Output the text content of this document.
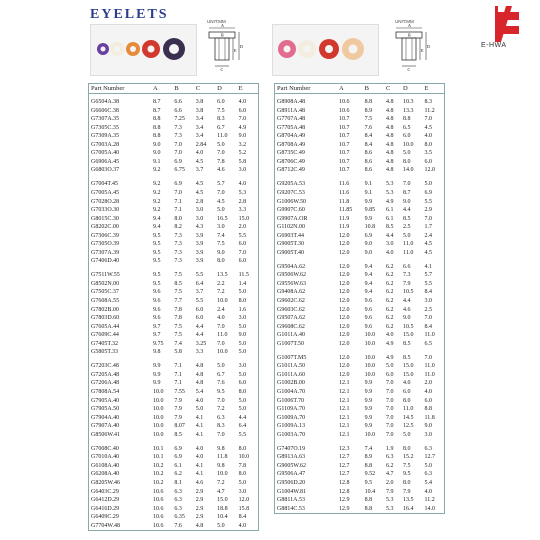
EYELETS
E-HWA
UNIT:MM
A
B
C
D
E
UNIT:MM
A
B
C
D
E
Part Number	A	B	C	D	E

G6504A.38	8.7	6.6	3.8	6.0	4.0
G6606C.38	8.7	6.6	3.8	7.5	6.0
G7307A.35	8.8	7.25	3.4	8.3	7.0
G7305C.35	8.8	7.3	3.4	6.7	4.9
G7309A.35	8.8	7.3	3.4	11.0	9.0
G7003A.28	9.0	7.0	2.84	5.0	3.2
G7005A.40	9.0	7.0	4.0	7.0	5.2
G6906A.45	9.1	6.9	4.5	7.8	5.8
G6803O.37	9.2	6.75	3.7	4.6	3.0

G7004T.45	9.2	6.9	4.5	5.7	4.0
G7005A.45	9.2	7.0	4.5	7.0	5.3
G7028O.28	9.2	7.1	2.8	4.5	2.8
G7033O.30	9.2	7.1	3.0	5.0	3.3
G8015C.30	9.4	8.0	3.0	16.5	15.0
G8202C.00	9.4	8.2	4.3	3.0	2.0
G7306C.39	9.5	7.3	3.9	7.4	5.5
G7305O.39	9.5	7.3	3.9	7.5	6.0
G7307A.39	9.5	7.3	3.9	9.0	7.0
G7406D.40	9.5	7.3	3.9	8.0	6.0

G7511W.55	9.5	7.5	5.5	13.5	11.5
G8502N.00	9.5	8.5	6.4	2.2	1.4
G7505C.37	9.6	7.5	3.7	7.2	5.0
G7608A.55	9.6	7.7	5.5	10.0	8.0
G7802B.00	9.6	7.8	6.0	2.4	1.6
G7803D.60	9.6	7.8	6.0	4.0	3.0
G7605A.44	9.7	7.5	4.4	7.0	5.0
G7609C.44	9.7	7.5	4.4	11.0	9.0
G7405T.32	9.75	7.4	3.25	7.0	5.0
G5805T.33	9.8	5.8	3.3	10.0	5.0

G7203C.48	9.9	7.1	4.8	5.0	3.0
G7205A.48	9.9	7.1	4.8	6.7	5.0
G7206A.48	9.9	7.1	4.8	7.6	6.0
G7808A.54	10.0	7.55	5.4	9.5	8.0
G7905A.40	10.0	7.9	4.0	7.0	5.0
G7905A.50	10.0	7.9	5.0	7.2	5.0
G7904A.40	10.0	7.9	4.1	6.3	4.4
G7907A.40	10.0	8.07	4.1	8.3	6.4
G8506W.41	10.0	8.5	4.1	7.0	5.5

G7008C.40	10.1	6.9	4.0	9.8	8.0
G7010A.40	10.1	6.9	4.0	11.8	10.0
G6108A.40	10.2	6.1	4.1	9.8	7.8
G6208A.40	10.2	6.2	4.1	10.0	8.0
G8205W.46	10.2	8.1	4.6	7.2	5.0
G6403C.29	10.6	6.3	2.9	4.7	3.0
G6412D.29	10.6	6.3	2.9	15.0	12.0
G6416D.29	10.6	6.3	2.9	18.8	15.8
G6409C.29	10.6	6.35	2.9	10.4	8.4
G7704W.48	10.6	7.6	4.8	5.0	4.0
Part Number	A	B	C	D	E

G8908A.48	10.6	8.8	4.8	10.3	8.3
G8911A.48	10.6	8.9	4.8	13.3	11.2
G7707A.48	10.7	7.5	4.8	8.8	7.0
G7705A.48	10.7	7.6	4.8	6.5	4.5
G8704A.49	10.7	8.4	4.8	6.0	4.0
G8708A.49	10.7	8.4	4.8	10.0	8.0
G8735C.49	10.7	8.6	4.8	5.0	3.5
G8706C.49	10.7	8.6	4.8	8.0	6.0
G8712C.49	10.7	8.6	4.8	14.0	12.0

G9205A.53	11.6	9.1	5.3	7.0	5.0
G9207C.53	11.6	9.1	5.3	8.7	6.9
G1006W.50	11.8	9.9	4.9	9.0	5.5
G9907C.60	11.85	9.85	6.1	4.4	2.9
G9907A.OR	11.9	9.9	6.1	8.5	7.0
G1102N.00	11.9	10.8	8.5	2.5	1.7
G6903T.44	12.0	6.9	4.4	5.0	2.4
G9005T.30	12.0	9.0	3.0	11.0	4.5
G9005T.40	12.0	9.0	4.0	11.0	4.5

G9504A.62	12.0	9.4	6.2	6.6	4.1
G9506W.62	12.0	9.4	6.2	7.3	5.7
G9556W.63	12.0	9.4	6.2	7.9	5.5
G9408A.62	12.0	9.4	6.2	10.5	8.4
G9602C.62	12.0	9.6	6.2	4.4	3.0
G9603C.62	12.0	9.6	6.2	4.6	2.5
G9507A.62	12.0	9.6	6.2	9.0	7.0
G9608C.62	12.0	9.6	6.2	10.5	8.4
G1011A.40	12.0	10.0	4.0	15.0	11.0
G1007T.50	12.0	10.0	4.9	8.5	6.5

G1007T.M5	12.0	10.0	4.9	8.5	7.0
G1011A.50	12.0	10.0	5.0	15.0	11.0
G1011A.60	12.0	10.0	6.0	15.0	11.0
G1002B.00	12.1	9.9	7.0	4.0	2.0
G1004A.70	12.1	9.9	7.0	6.0	4.0
G1006T.70	12.1	9.9	7.0	8.0	6.0
G1109A.70	12.1	9.9	7.0	11.0	8.8
G1009A.70	12.1	9.9	7.0	14.5	11.8
G1009A.13	12.1	9.9	7.0	12.5	9.0
G1003A.70	12.1	10.0	7.0	5.0	3.0

G7407O.19	12.3	7.4	1.9	8.0	6.3
G8913A.63	12.7	8.9	6.3	15.2	12.7
G9005W.62	12.7	8.8	6.2	7.5	5.0
G9506A.47	12.7	9.52	4.7	9.5	6.3
G9506D.20	12.8	9.5	2.0	8.0	5.4
G1004W.81	12.8	10.4	7.9	7.9	4.0
G8811A.53	12.9	8.8	5.3	13.5	11.2
G8814C.53	12.9	8.8	5.3	16.4	14.0
